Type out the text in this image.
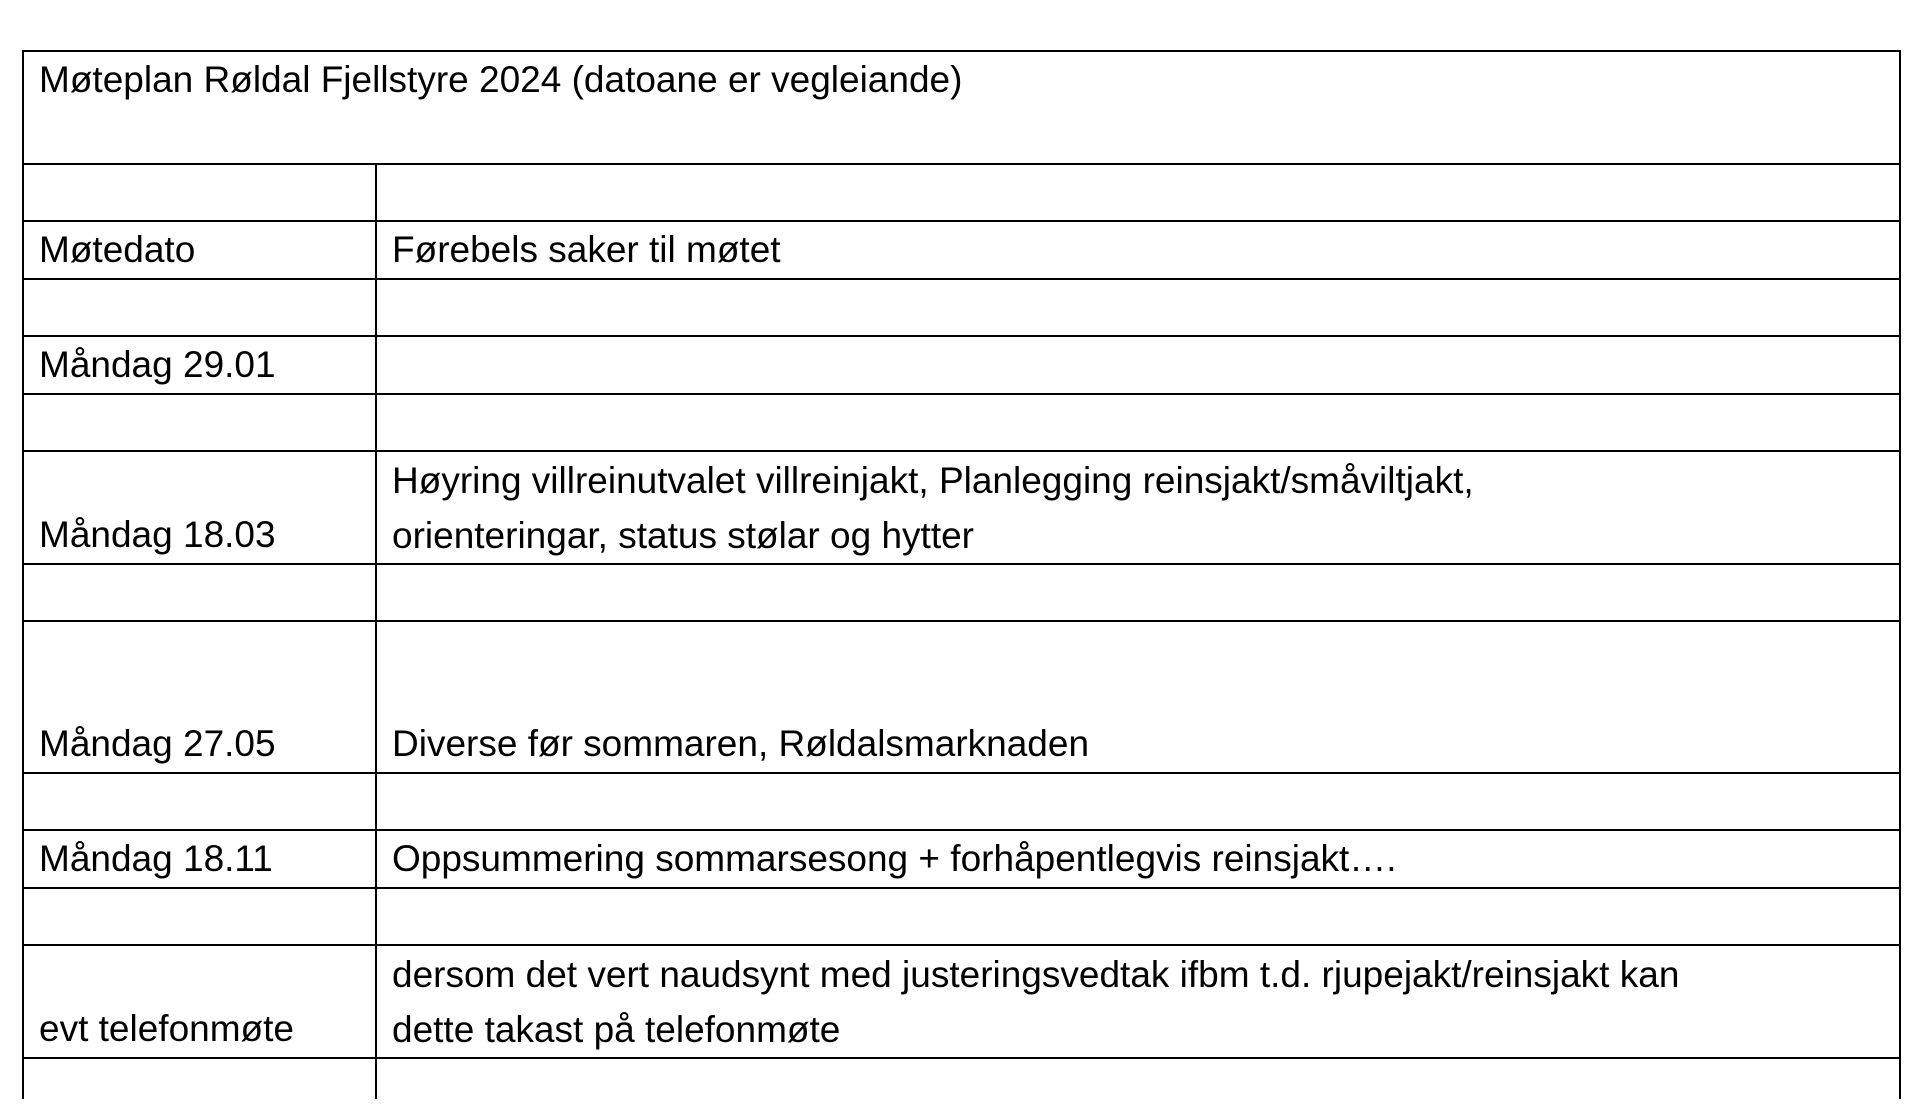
Møteplan Røldal Fjellstyre 2024 (datoane er vegleiande)	

Møtedato	Førebels saker til møtet

Måndag 29.01	

Måndag 18.03	Høyring villreinutvalet villreinjakt, Planlegging reinsjakt/småviltjakt,
orienteringar, status stølar og hytter

Måndag 27.05	Diverse før sommaren, Røldalsmarknaden

Måndag 18.11	Oppsummering sommarsesong + forhåpentlegvis reinsjakt….

evt telefonmøte	dersom det vert naudsynt med justeringsvedtak ifbm t.d. rjupejakt/reinsjakt kan
dette takast på telefonmøte
